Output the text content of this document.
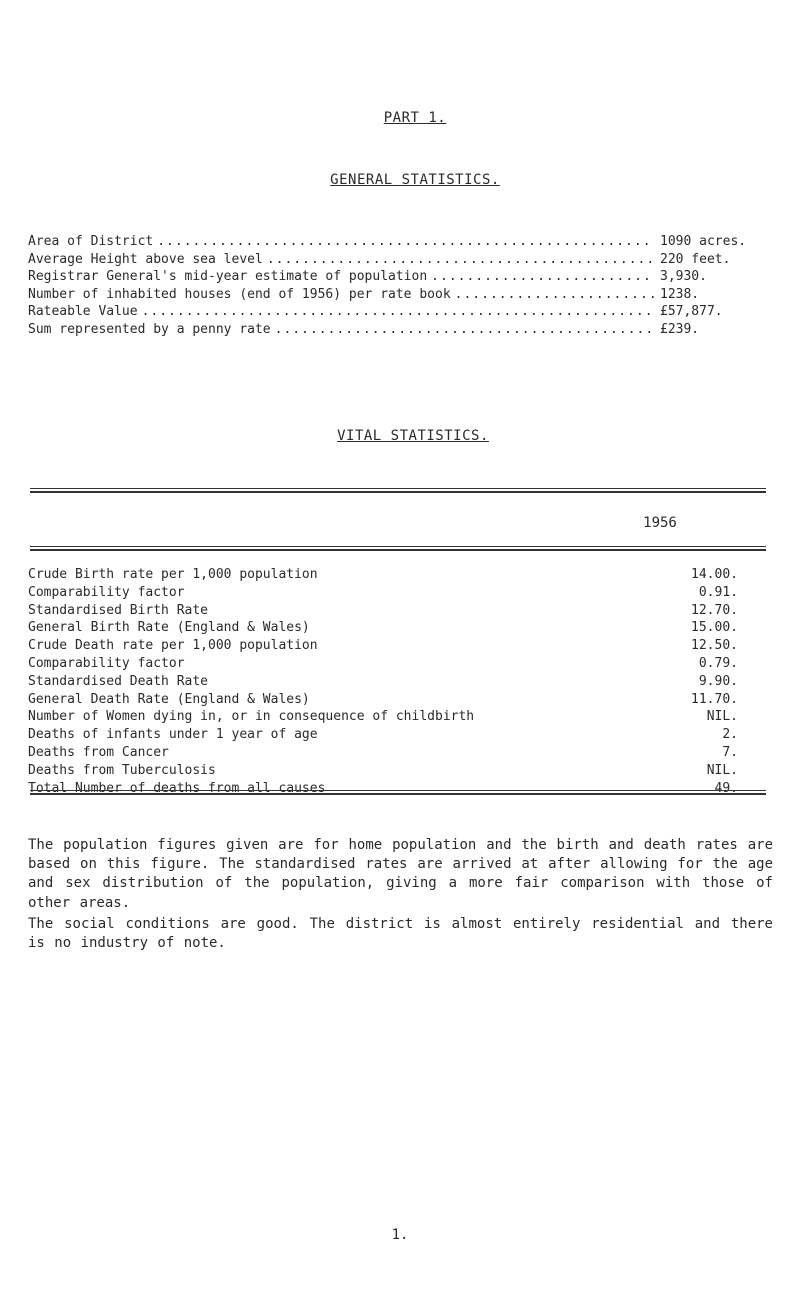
PART 1.
GENERAL STATISTICS.
Area of District .....	1090 acres.
Average Height above sea level .....	220 feet.
Registrar General's mid-year estimate of population .....	3,930.
Number of inhabited houses (end of 1956) per rate book .....	1238.
Rateable Value .....	£57,877.
Sum represented by a penny rate .....	£239.
VITAL STATISTICS.
1956
Crude Birth rate per 1,000 population	14.00.
Comparability factor	0.91.
Standardised Birth Rate	12.70.
General Birth Rate (England & Wales)	15.00.
Crude Death rate per 1,000 population	12.50.
Comparability factor	0.79.
Standardised Death Rate	9.90.
General Death Rate (England & Wales)	11.70.
Number of Women dying in, or in consequence of childbirth	NIL.
Deaths of infants under 1 year of age	2.
Deaths from Cancer	7.
Deaths from Tuberculosis	NIL.
Total Number of deaths from all causes	49.

The population figures given are for home population and the birth and death rates are based on this figure. The standardised rates are arrived at after allowing for the age and sex distribution of the population, giving a more fair comparison with those of other areas.

The social conditions are good. The district is almost entirely residential and there is no industry of note.

1.
